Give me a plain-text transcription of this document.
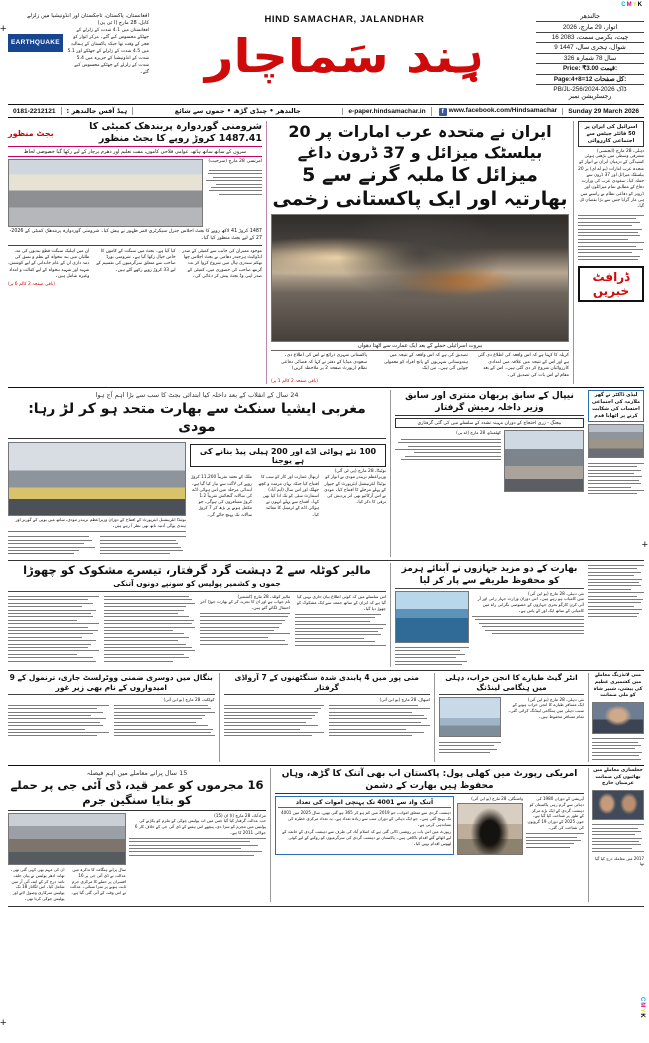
CMYK
+
+
+
CMYK
افغانستان، پاکستان، تاجکستان اور انڈونیشیا میں زلزلے
EARTHQUAKE
کابل، 28 مارچ (ا ئی پی)
افغانستان میں 4.1 شدت کے زلزلے کے جھٹکے محسوس کیے گئے۔ مرکز اتوار کو فجر کے وقت تھا جبکہ پاکستان کے ہمالیہ میں 4.5 شدت کے زلزلے کے جھٹکے اور 5.1 شدت کے انڈونیشیا کے جزیرہ میں 5.4 شدت کے زلزلے کے جھٹکے محسوس کیے گئے۔
HIND SAMACHAR, JALANDHAR
ہِند سَماچار
جالندھر
اتوار، 29 مارچ، 2026
16 چیت، بکرمی سمت، 2083
9 شوال، ہجری سال، 1447
سال 78 شمارہ 326
Price: ₹3.00 قیمت:
Page:4+8=12 کل صفحات:
PB/JL-256/2024-2026 ڈاک رجسٹریشن نمبر
0181-2212121	ہیڈ آفس جالندھر :	جالندھر • چنڈی گڑھ • جموں سے شائع	e-paper.hindsamachar.in	f www.facebook.com/Hindsamachar	Sunday 29 March 2026
بجٹ منظور
شرومنی گوردوارہ پربندھک کمیٹی کا 1487.41 کروڑ روپے کا بجٹ منظور
سروں کے ساتھ ساتھ ہاتھ، عوامی فلاحی کاموں، مفت تعلیم اور دھرم پرچار کے لیے رکھا گیا خصوصی لحاظ
امرتسر، 28 مارچ (سرجیت)
1487 کروڑ 41 لاکھ روپے کا بجٹ اجلاس جنرل سیکرٹری قمر ظہور نے پیش کیا۔ شرومنی گوردوارہ پربندھک کمیٹی کے 2026-27 کے لیے بجٹ منظور کیا گیا۔
ان میں اہلیک سنگت قطع بندیوں کی مد، طلبان میں بند تنخواہ کے نظم و نسق کی ذمہ داری ان کے عام خاندانی کے لیے کوشش، شہید اور شہید تنخواہ کے لیے کفالت و امداد وغیرہ شامل ہیں۔
کیا گیا ہے۔ بجٹ میں سنگت کے کاموں کا خاص خیال رکھا گیا ہے۔ شرومنی بورڈ صاحب سے متعلق سرگرمیوں کی تقسیم کے لیے 33 کروڑ روپے رکھے گئے ہیں۔
موجود ممبران کی جانب سے کمیٹی کے صدر ایڈوکیٹ ہرجندر دھامی نے بجٹ اجلاس چھا تھکم سندری ہال میں شروع کروا کر نت گرنتھ صاحب کی حضوری میں، کمیٹی کے صدر اپنی وڈ بجٹ پیش کر دعائی کی۔
(باقی صفحہ 2 کالم 6 پر)
ایران نے متحدہ عرب امارات پر 20 بیلسٹک میزائل و 37 ڈرون داغے
میزائل کا ملبہ گرنے سے 5 بھارتیہ اور ایک پاکستانی زخمی
بیروت اسرائیلی حملے کے بعد ایک عمارت سے اٹھتا دھواں
پاکستانی شہری ذرائع نے اس کی اطلاع دی۔ سعودی میڈیا کے دفتر نے کہا کہ فضائی دفاعی نظام (رپورٹ صفحہ 2 پر ملاحظہ کریں)
تصدیق کی ہے کہ اس واقعہ کے نتیجہ میں ہندوستانی شہریوں کے پانچ افراد کو معمولی چوٹیں آئی ہیں۔ تین ایک
کریلہ کا کہنا ہے کہ اس واقعہ کی اطلاع دی گئی ہے اور اس کے نتیجہ میں علاقہ میں امدادی کارروائیاں شروع کر دی گئی ہیں۔ اس کے بعد مقام لے اس بات کی تصدیق کی۔
(باقی صفحہ 2 کالم 1 پر)
اسرائیل کی ایران پر 50 فائٹر جیٹس سے اجتماعی کارروائی
دہلی، 28 مارچ (ایجنسی)
مشرقی وسطی میں بڑھتی ہوئی کشیدگی کے درمیان ایران نے اتوار کو متحدہ عرب امارات (یو اے ای) پر 20 بیلسٹک میزائل اور 37 ڈرون سے حملہ کیا۔ سعودی عرب کی وزارت دفاع کے مطابق تمام میزائلوں اور ڈرونز کو دفاعی نظام نے راستے میں ہی مار گرایا جس سے بڑا نقصان ٹل گیا۔
ڈرافٹ خبریں
24 سال کے انقلاب کے بعد داخلہ کیا ابتدائی بجٹ کا سب سے بڑا اہم آج ہوا
مغربی ایشیا سنکٹ سے بھارت متحد ہو کر لڑ رہا: مودی
نوئیڈا انٹرنیشنل ایئرپورٹ کے افتتاح کے دوران وزیراعظم نریندر مودی، ساتھ میں یوپی کے گورنر اور ہندی یوگی آدتیہ ناتھ بھی نظر آ رہے ہیں۔
100 نئے ہوائی اڈے اور 200 ہیلی پیڈ بنانے کی ہے یوجنا
نوئیڈا، 28 مارچ (پی ٹی آئی)
ملک کے تحفہ تقریباً 11,200 کروڑ روپے کی لاگت سے تیار کیا گیا ہے۔ ابتدائی مرحلہ میں اس ہوائی اڈے کی سالانہ گنجائش تقریباً 1.2 کروڑ مسافروں کی ہوگی، جو مکمل ہونے پر بڑھ کر 7 کروڑ سالانہ تک پہنچ جائے گی۔
ارتھال عمارت اور کار کو سب کا افتتاح کیا جبکہ یہاں مرمت و کچھ جھلک اور اس سال (ایم آباد) اسمارٹ سٹی کو تک ادا کیا بھی کہا۔ افتتاح سے پہلے انہوں نے ہوائی اڈے کے ٹرمینل کا معائنہ کیا۔
وزیراعظم نریندر مودی نے اتوار کو نوئیڈا انٹرنیشنل ایئرپورٹ کے جیوار کے پہلے مرحلے کا افتتاح کیا۔ مودی نے اس آرکائیو بھی اتر پردیش کی ترقی کا ذکر کیا۔
نیپال کے سابق پربھان منتری اور سابق وزیر داخلہ رمیش گرفتار
بیجنگ - زری احتجاج کے دوران مہینہ تشدد کے سلسلے میں کی گئی گرفتاری
کھٹمنڈو، 28 مارچ (اے پی)
لیڈی ڈاکٹر نے گھر ملازمہ کی اجتماعی احتساب کی شکایت کرنے پر اٹھایا قدم
مالیر کوٹلہ سے 2 دہشت گرد گرفتار، تیسرے مشکوک کو چھوڑا
جموں و کشمیر پولیس کو سونپے دونوں آتنکی
مالیر کوٹلہ، 28 مارچ (کشمیر)
نام جواب ہے اور ان کا تجزیہ کر کے بھارت جوڑا آخر احتمال لگائے گئے ہیں۔
اس سلسلے میں کہ کوئی اطلاع بیان جاری نہیں کیا گیا ہے کہ ایران کے ساتھ جمعہ سے ایک مشکوک کو چھوڑ دیا گیا۔
بھارت کے دو مزید جہازوں نے آبنائے ہرمز کو محفوظ طریقے سے پار کر لیا
نئی دہلی، 28 مارچ (یو این آئی)
میں کامیاب ہو رہے ہیں۔ اس دوران وزارت جہاز رانی اور آر آئی کرن کارگو بحری جہازوں کے خصوصی نگرانی راہ میں کامیابی کے ساتھ ایک اور کے پاس ہے۔
بنگال میں دوسری ضمنی ووٹرلسٹ جاری، ترنمول کے 9 امیدواروں کے نام بھی زیر غور
کولکتہ، 28 مارچ (یو این آئی)
منی پور میں 4 پابندی شدہ سنگٹھنوں کے 7 آرواڈی گرفتار
امپھال، 28 مارچ (یو این آئی)
انٹر گیٹ طیارے کا انجن خراب، دہلی میں ہنگامی لینڈنگ
نئی دہلی، 28 مارچ (یو این آئی)
ایک مسافر طیارے کا انجن خراب ہونے کے سبب دہلی میں ہنگامی لینڈنگ کرائی گئی۔ تمام مسافر محفوظ ہیں۔
منی لانڈرنگ معاملے میں کشمیری عظیم کی پیشی، شبیر شاہ کو ملی ضمانت
15 سال پرانے معاملے میں اہم فیصلہ
16 مجرموں کو عمر قید، ڈی آئی جی پر حملے کو بتایا سنگین جرم
ان کی مہم بھی کہی گئی تھی۔ تھانہ ادھر پولیس نے بیان حلف نامہ درج کر کے ایف آئی آر میں شامل کیا۔ اس لگاتار 18 تک پولیس سرکاری وصول لائے اور پولیس چوکی کرنا تھی۔
سال پرانے ہنگامہ کا تذکرہ میں عدالت نے ڈی آئی جی پر 16 افسران پر حملے کا مرکزی جرم ثابت ہونے پر سزا سنائی۔ عدالت نے اس وقت کے آئی گئی گیا ہے۔
مرادآباد، 28 مارچ (ا) ان (15)
جب عدالت گرفتار کیا گیا جس میں اب پولیس چوکی کے ملزم کو پکڑنے کی پولیس میں مجرم کو سزا دی، پیچھے اس ہفتے کے ڈی آئی جی کے خلاف کار 6 جولائی 2011 کا ہے۔
امریکی رپورٹ میں کھلی پول: پاکستان اب بھی آتنک کا گڑھ، وہاں محفوظ ہیں بھارت کے دشمن
آتنک واد سے 4001 تک پہنچی اموات کی تعداد
دہشت گردی سے متعلق اموات، جو 2019 میں کم ہو کر 365 ہو گئی تھیں، سال 2025 میں 4001 تک پہنچ گئی ہیں۔ جو ایک دہائی کے دوران سب سے زیادہ تعداد ہے۔ یہ تعداد مرکزی خطرہ کی نشاندہی کرتی ہے۔
رپورٹ میں اس بات پر روشنی ڈالی گئی ہے کہ اسلام آباد کی طرف سے دہشت گردی کے خاتمہ کے لیے اٹھائے گئے اقدام ناکافی ہیں۔ پاکستان نے دہشت گردی کی سرگرمیوں کو روکنے کے لیے کوئی ٹھوس اقدام نہیں کیا۔
واشنگٹن، 28 مارچ (یو این آئی)	آپریشن کے دوران 1980 کی دہائی سے گرم رہی پاکستان کو دہشت گردی کے ایک بڑے مرکز کے طور پر شناخت کیا گیا ہے۔ جون 2025 کے دوران 19 گروپوں کی شناخت کی گئی۔
جعلسازی معاملے میں بھائیوں کی ضمانت عرضیاں خارج
2017 میں معاملہ درج کیا گیا تھا
